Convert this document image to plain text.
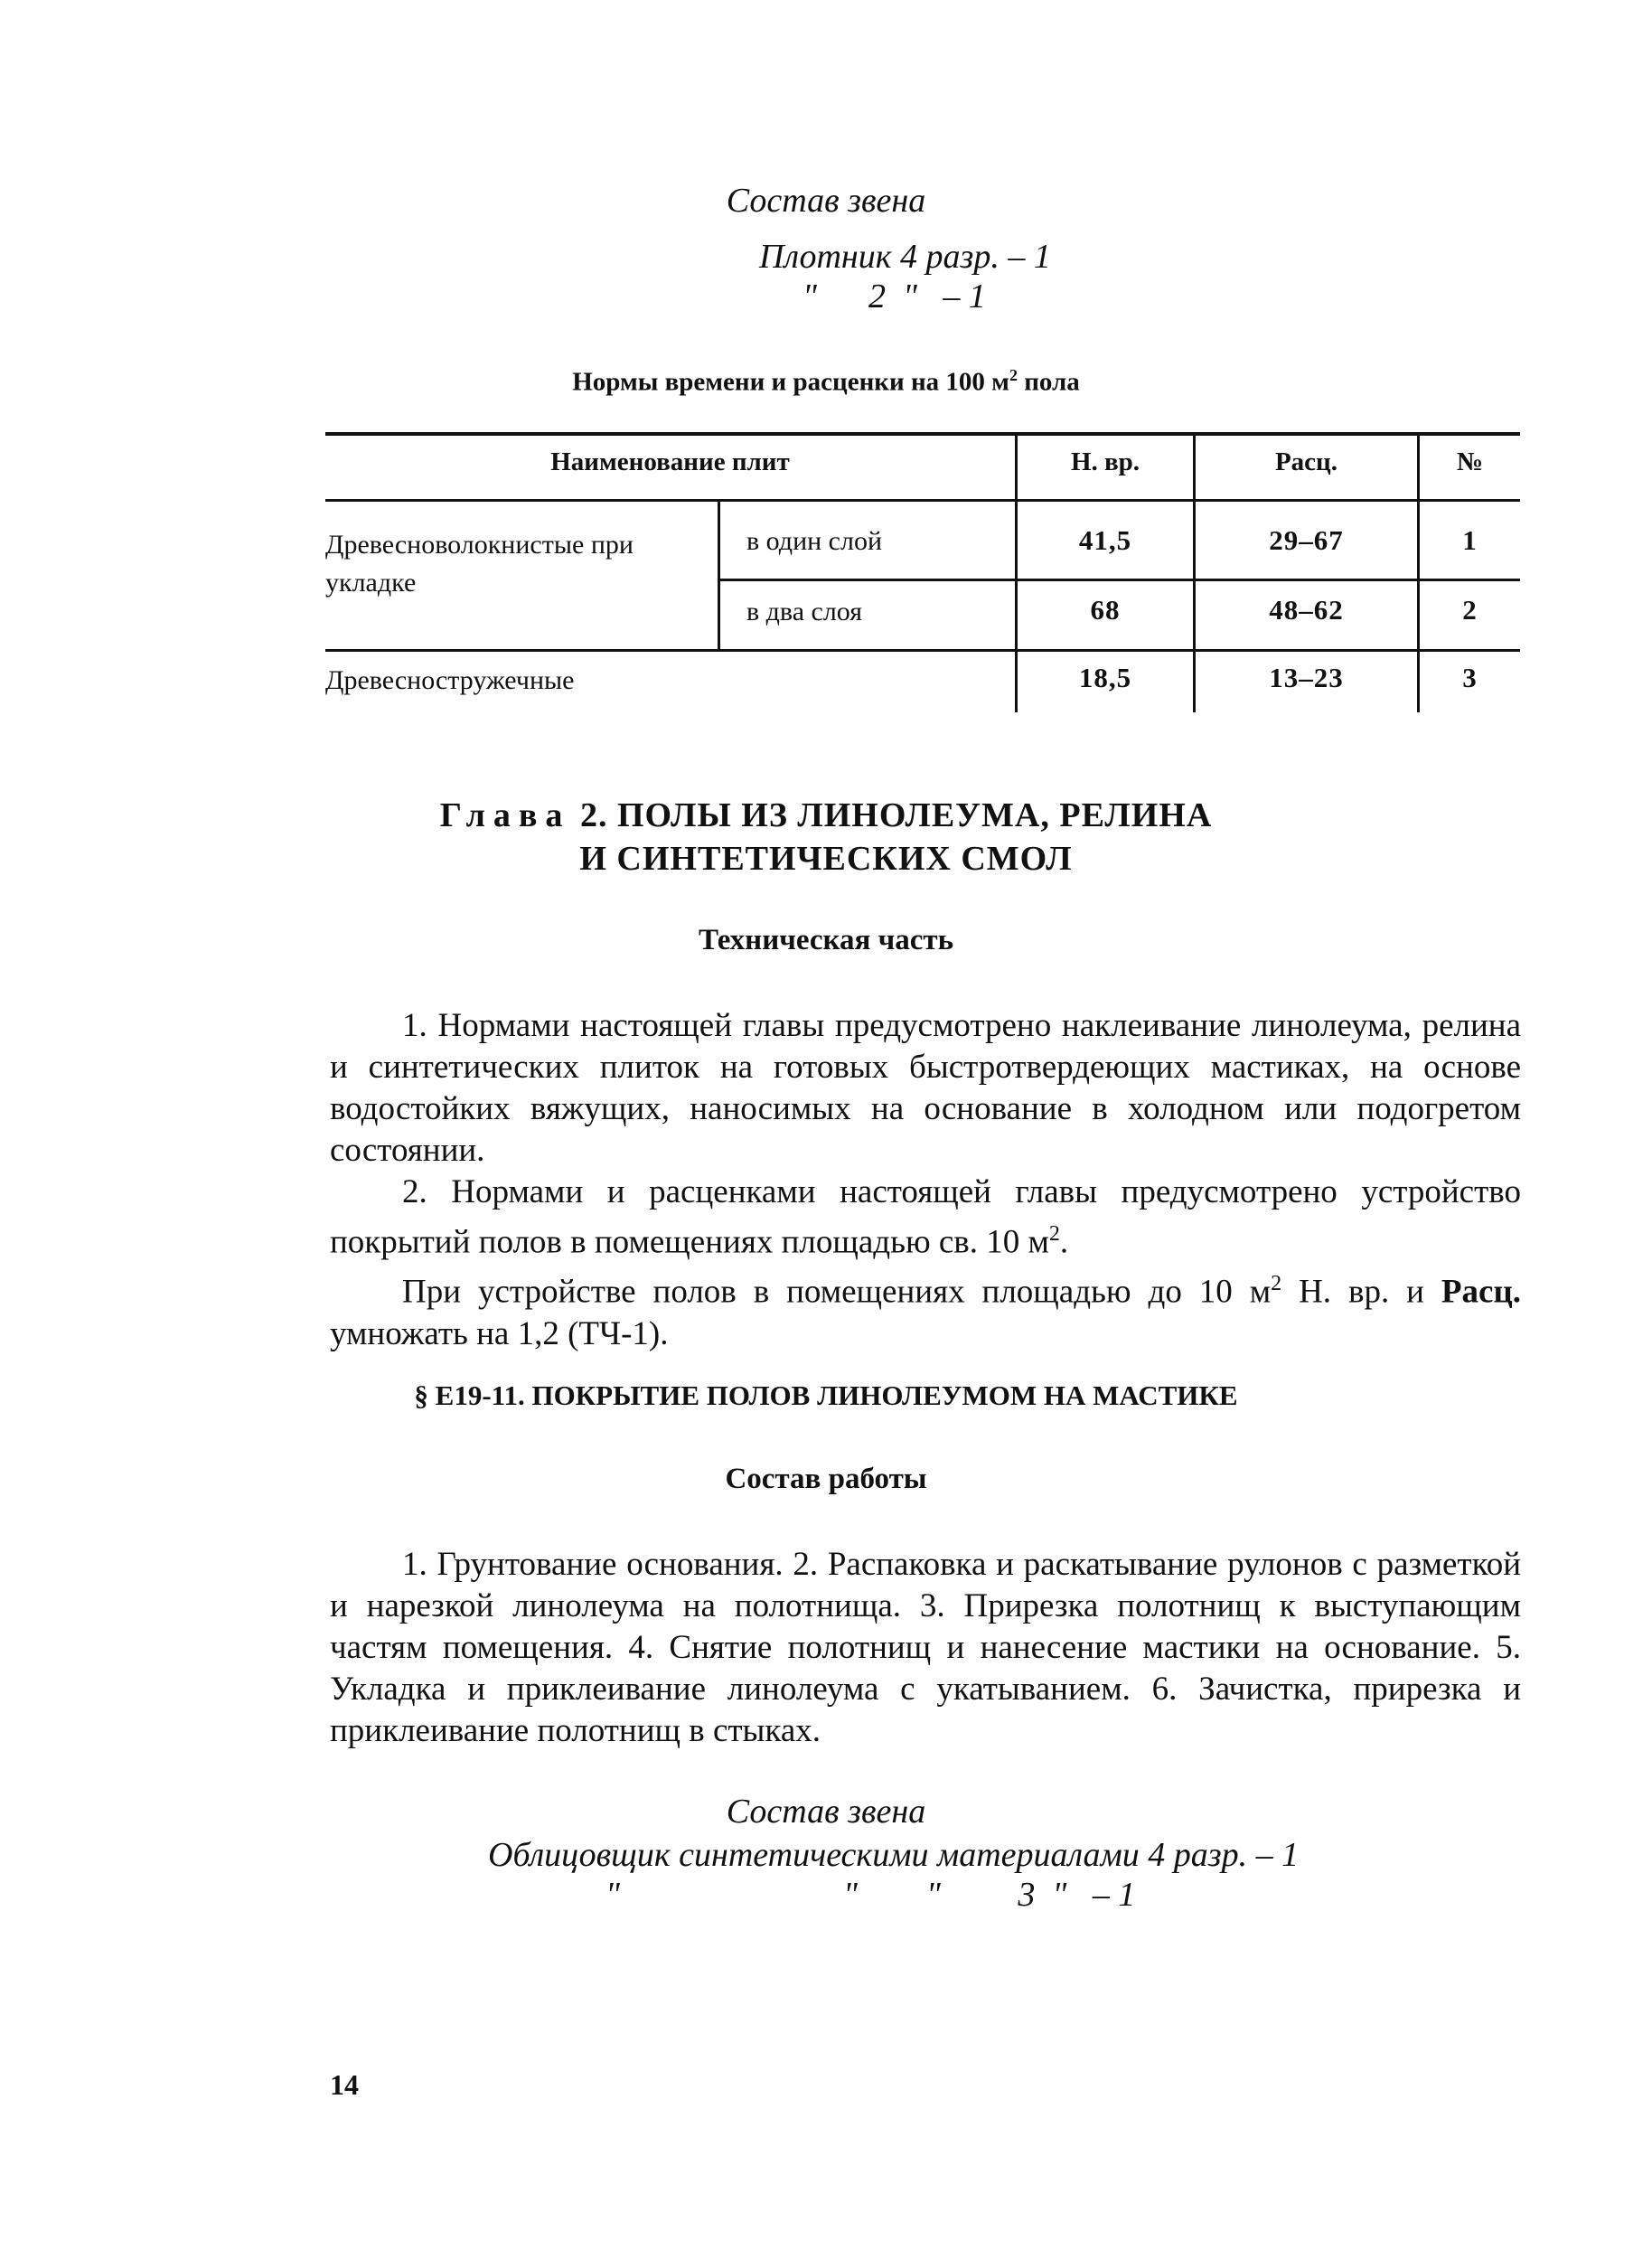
Состав звена
Плотник 4 разр. – 1
"      2  "   – 1
Нормы времени и расценки на 100 $м^2$ пола
Наименование плит	Н. вр.	Расц.	№
Древесноволокнистые при укладке
в один слой	41,5	29–67	1
в два слоя	68	48–62	2
Древесностружечные	18,5	13–23	3
Глава 2. ПОЛЫ ИЗ ЛИНОЛЕУМА, РЕЛИНА
И СИНТЕТИЧЕСКИХ СМОЛ
Техническая часть

1. Нормами настоящей главы предусмотрено наклеивание линолеума, релина и синтетических плиток на готовых быстротвердеющих мастиках, на основе водостойких вяжущих, наносимых на основание в холодном или подогретом состоянии.

2. Нормами и расценками настоящей главы предусмотрено устройство покрытий полов в помещениях площадью св. 10 $м^2$.

При устройстве полов в помещениях площадью до 10 $м^2$ Н. вр. и Расц. умножать на 1,2 (ТЧ-1).

§ Е19-11. ПОКРЫТИЕ ПОЛОВ ЛИНОЛЕУМОМ НА МАСТИКЕ
Состав работы

1. Грунтование основания. 2. Распаковка и раскатывание рулонов с разметкой и нарезкой линолеума на полотнища. 3. Прирезка полотнищ к выступающим частям помещения. 4. Снятие полотнищ и нанесение мастики на основание. 5. Укладка и приклеивание линолеума с укатыванием. 6. Зачистка, прирезка и приклеивание полотнищ в стыках.

Состав звена
Облицовщик синтетическими материалами 4 разр. – 1
"                          "        "         3  "   – 1
14
